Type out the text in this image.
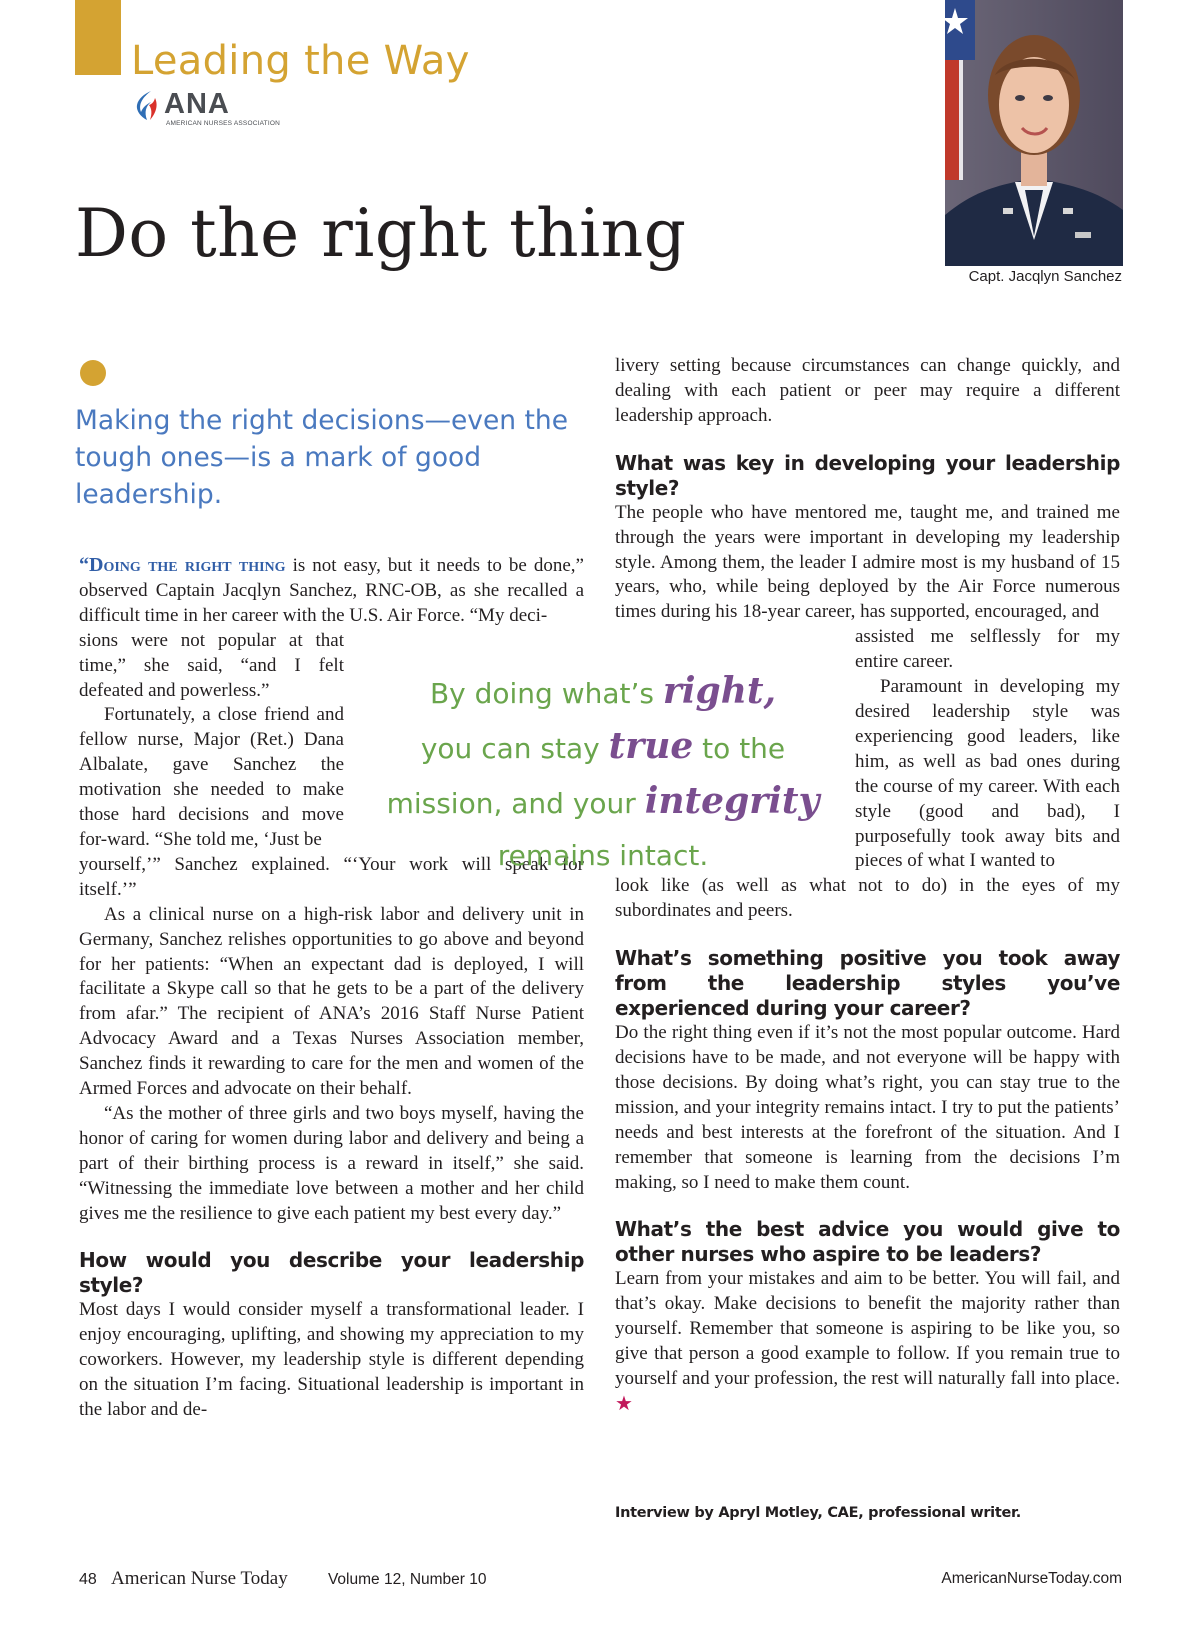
Leading the Way
ANA
AMERICAN NURSES ASSOCIATION
Do the right thing
Capt. Jacqlyn Sanchez
Making the right decisions—even the tough ones—is a mark of good leadership.

“Doing the right thing is not easy, but it needs to be done,” observed Captain Jacqlyn Sanchez, RNC-OB, as she recalled a difficult time in her career with the U.S. Air Force. “My deci-

sions were not popular at that time,” she said, “and I felt defeated and powerless.”

Fortunately, a close friend and fellow nurse, Major (Ret.) Dana Albalate, gave Sanchez the motivation she needed to make those hard decisions and move for-ward. “She told me, ‘Just be

yourself,’” Sanchez explained. “‘Your work will speak for itself.’”

As a clinical nurse on a high-risk labor and delivery unit in Germany, Sanchez relishes opportunities to go above and beyond for her patients: “When an expectant dad is deployed, I will facilitate a Skype call so that he gets to be a part of the delivery from afar.” The recipient of ANA’s 2016 Staff Nurse Patient Advocacy Award and a Texas Nurses Association member, Sanchez finds it rewarding to care for the men and women of the Armed Forces and advocate on their behalf.

“As the mother of three girls and two boys myself, having the honor of caring for women during labor and delivery and being a part of their birthing process is a reward in itself,” she said. “Witnessing the immediate love between a mother and her child gives me the resilience to give each patient my best every day.”

How would you describe your leadership style?

Most days I would consider myself a transformational leader. I enjoy encouraging, uplifting, and showing my appreciation to my coworkers. However, my leadership style is different depending on the situation I’m facing. Situational leadership is important in the labor and de-

livery setting because circumstances can change quickly, and dealing with each patient or peer may require a different leadership approach.

What was key in developing your leadership style?

The people who have mentored me, taught me, and trained me through the years were important in developing my leadership style. Among them, the leader I admire most is my husband of 15 years, who, while being deployed by the Air Force numerous times during his 18-year career, has supported, encouraged, and

assisted me selflessly for my entire career.

Paramount in developing my desired leadership style was experiencing good leaders, like him, as well as bad ones during the course of my career. With each style (good and bad), I purposefully took away bits and pieces of what I wanted to

look like (as well as what not to do) in the eyes of my subordinates and peers.

What’s something positive you took away from the leadership styles you’ve experienced during your career?

Do the right thing even if it’s not the most popular outcome. Hard decisions have to be made, and not everyone will be happy with those decisions. By doing what’s right, you can stay true to the mission, and your integrity remains intact. I try to put the patients’ needs and best interests at the forefront of the situation. And I remember that someone is learning from the decisions I’m making, so I need to make them count.

What’s the best advice you would give to other nurses who aspire to be leaders?

Learn from your mistakes and aim to be better. You will fail, and that’s okay. Make decisions to benefit the majority rather than yourself. Remember that someone is aspiring to be like you, so give that person a good example to follow. If you remain true to yourself and your profession, the rest will naturally fall into place. ★

By doing what’s right,
you can stay true to the
mission, and your integrity
remains intact.
Interview by Apryl Motley, CAE, professional writer.
48 American Nurse Today	Volume 12, Number 10	AmericanNurseToday.com
